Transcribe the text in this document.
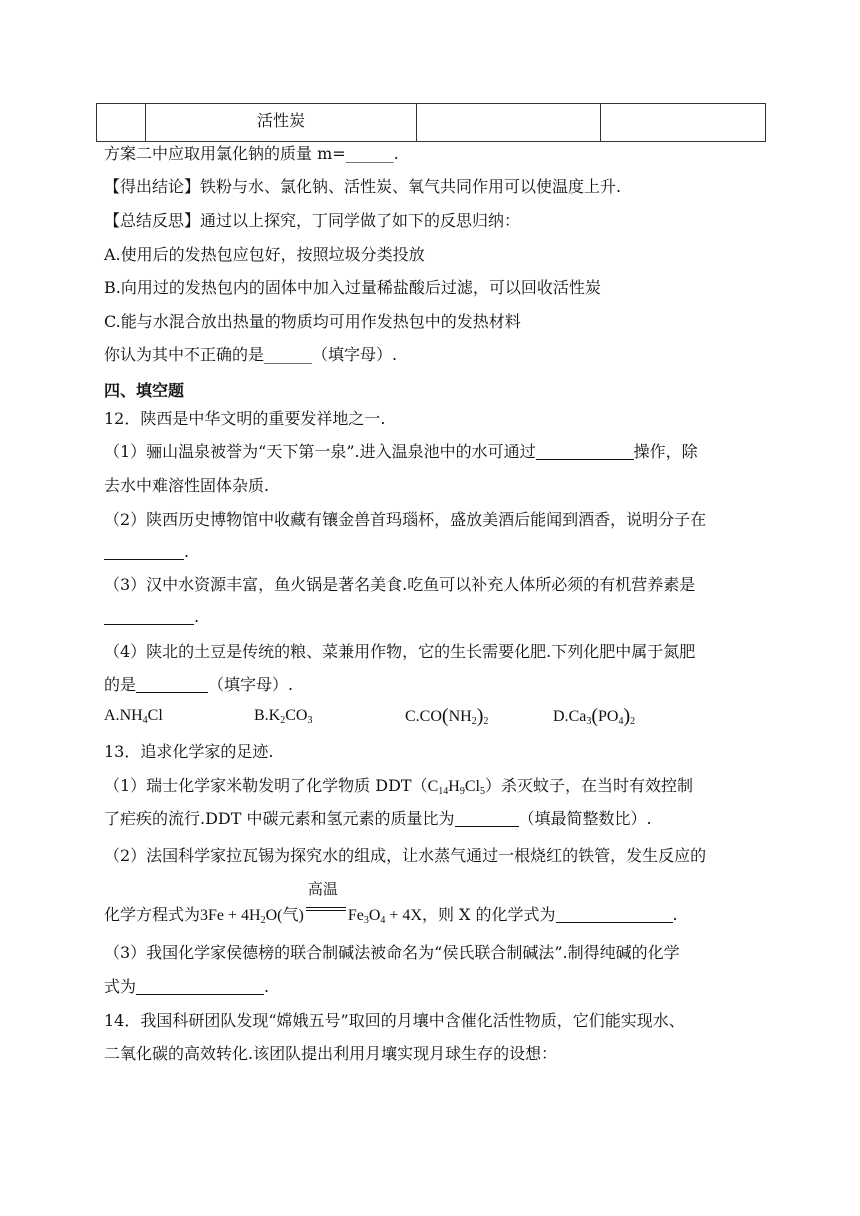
	活性炭		
方案二中应取用氯化钠的质量 m=______.
【得出结论】铁粉与水、氯化钠、活性炭、氧气共同作用可以使温度上升.
【总结反思】通过以上探究，丁同学做了如下的反思归纳：
A.使用后的发热包应包好，按照垃圾分类投放
B.向用过的发热包内的固体中加入过量稀盐酸后过滤，可以回收活性炭
C.能与水混合放出热量的物质均可用作发热包中的发热材料
你认为其中不正确的是______（填字母）.
四、填空题
12．陕西是中华文明的重要发祥地之一.
（1）骊山温泉被誉为“天下第一泉”.进入温泉池中的水可通过	操作，除
去水中难溶性固体杂质.
（2）陕西历史博物馆中收藏有镶金兽首玛瑙杯，盛放美酒后能闻到酒香，说明分子在
.
（3）汉中水资源丰富，鱼火锅是著名美食.吃鱼可以补充人体所必须的有机营养素是
.
（4）陕北的土豆是传统的粮、菜兼用作物，它的生长需要化肥.下列化肥中属于氮肥
的是	（填字母）.
$A.NH_4Cl$	$B.K_2CO_3$	$C.CO(NH_2)_2$	$D.Ca_3(PO_4)_2$
13．追求化学家的足迹.
（1）瑞士化学家米勒发明了化学物质 $DDT(C_{14}H_9Cl_5)$杀灭蚊子，在当时有效控制
了疟疾的流行.DDT 中碳元素和氢元素的质量比为	（填最简整数比）.
（2）法国科学家拉瓦锡为探究水的组成，让水蒸气通过一根烧红的铁管，发生反应的
化学方程式为$3Fe + 4H_2O$(气)
高温
$Fe_3O_4 + 4X$，则 X 的化学式为	.
（3）我国化学家侯德榜的联合制碱法被命名为“侯氏联合制碱法”.制得纯碱的化学
式为	.
14．我国科研团队发现“嫦娥五号”取回的月壤中含催化活性物质，它们能实现水、
二氧化碳的高效转化.该团队提出利用月壤实现月球生存的设想：
